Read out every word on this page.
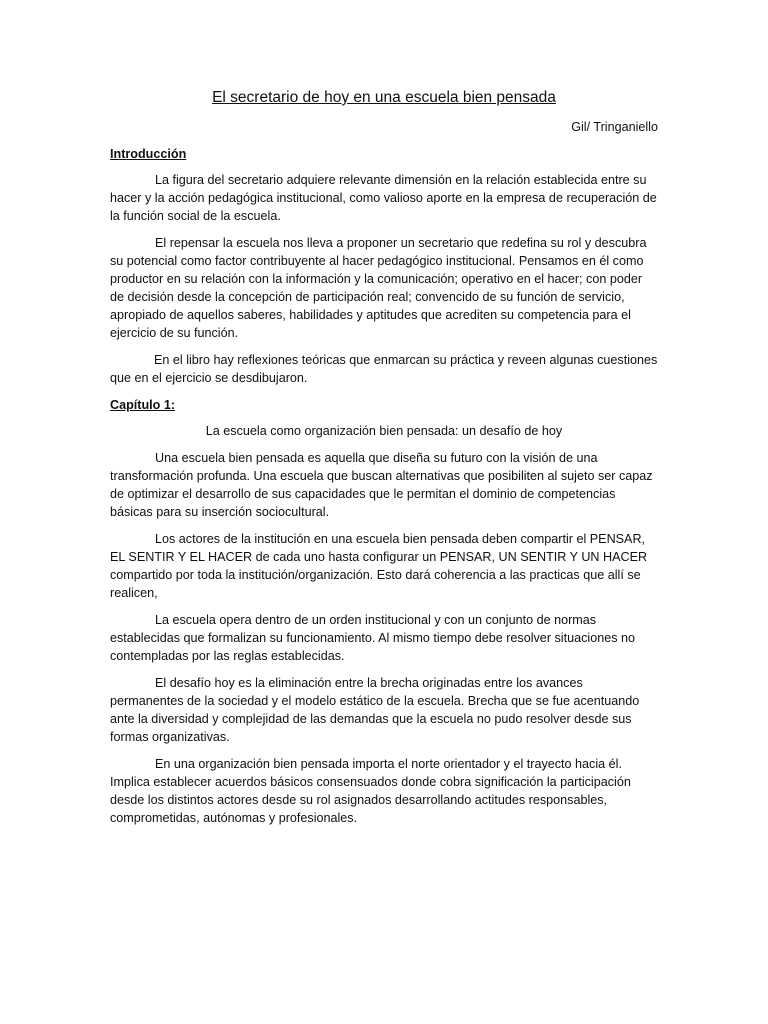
El secretario de hoy en una escuela bien pensada
Gil/ Tringaniello
Introducción

La figura del secretario adquiere relevante dimensión en la relación establecida entre su hacer y la acción pedagógica institucional, como valioso aporte en la empresa de recuperación de la función social de la escuela.

El repensar la escuela nos lleva a proponer un secretario que redefina su rol y descubra su potencial como factor contribuyente al hacer pedagógico institucional. Pensamos en él como productor en su relación con la información y la comunicación; operativo en el hacer; con poder de decisión desde la concepción de participación real; convencido de su función de servicio, apropiado de aquellos saberes, habilidades y aptitudes que acrediten su competencia para el ejercicio de su función.

En el libro hay reflexiones teóricas que enmarcan su práctica y reveen algunas cuestiones que en el ejercicio se desdibujaron.

Capítulo 1:
La escuela como organización bien pensada: un desafío de hoy

Una escuela bien pensada es aquella que diseña su futuro con la visión de una transformación profunda. Una escuela que buscan alternativas que posibiliten al sujeto ser capaz de optimizar el desarrollo de sus capacidades que le permitan el dominio de competencias básicas para su inserción sociocultural.

Los actores de la institución en una escuela bien pensada deben compartir el PENSAR, EL SENTIR Y EL HACER de cada uno hasta configurar un PENSAR, UN SENTIR Y UN HACER compartido por toda la institución/organización. Esto dará coherencia a las practicas que allí se realicen,

La escuela opera dentro de un orden institucional y con un conjunto de normas establecidas que formalizan su funcionamiento. Al mismo tiempo debe resolver situaciones no contempladas por las reglas establecidas.

El desafío hoy es la eliminación entre la brecha originadas entre los avances permanentes de la sociedad y el modelo estático de la escuela. Brecha que se fue acentuando ante la diversidad y complejidad de las demandas que la escuela no pudo resolver desde sus formas organizativas.

En una organización bien pensada importa el norte orientador y el trayecto hacia él. Implica establecer acuerdos básicos consensuados donde cobra significación la participación desde los distintos actores desde su rol asignados desarrollando actitudes responsables, comprometidas, autónomas y profesionales.
